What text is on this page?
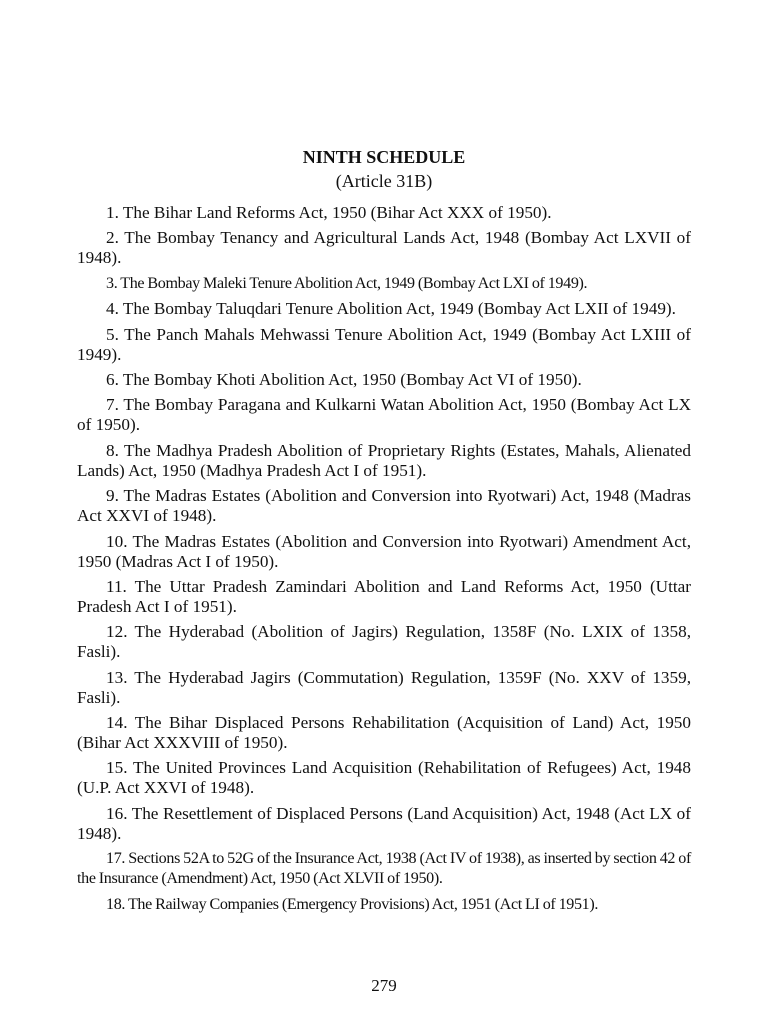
NINTH SCHEDULE

(Article 31B)

1. The Bihar Land Reforms Act, 1950 (Bihar Act XXX of 1950).

2. The Bombay Tenancy and Agricultural Lands Act, 1948 (Bombay Act LXVII of 1948).

3. The Bombay Maleki Tenure Abolition Act, 1949 (Bombay Act LXI of 1949).

4. The Bombay Taluqdari Tenure Abolition Act, 1949 (Bombay Act LXII of 1949).

5. The Panch Mahals Mehwassi Tenure Abolition Act, 1949 (Bombay Act LXIII of 1949).

6. The Bombay Khoti Abolition Act, 1950 (Bombay Act VI of 1950).

7. The Bombay Paragana and Kulkarni Watan Abolition Act, 1950 (Bombay Act LX of 1950).

8. The Madhya Pradesh Abolition of Proprietary Rights (Estates, Mahals, Alienated Lands) Act, 1950 (Madhya Pradesh Act I of 1951).

9. The Madras Estates (Abolition and Conversion into Ryotwari) Act, 1948 (Madras Act XXVI of 1948).

10. The Madras Estates (Abolition and Conversion into Ryotwari) Amendment Act, 1950 (Madras Act I of 1950).

11. The Uttar Pradesh Zamindari Abolition and Land Reforms Act, 1950 (Uttar Pradesh Act I of 1951).

12. The Hyderabad (Abolition of Jagirs) Regulation, 1358F (No. LXIX of 1358, Fasli).

13. The Hyderabad Jagirs (Commutation) Regulation, 1359F (No. XXV of 1359, Fasli).

14. The Bihar Displaced Persons Rehabilitation (Acquisition of Land) Act, 1950 (Bihar Act XXXVIII of 1950).

15. The United Provinces Land Acquisition (Rehabilitation of Refugees) Act, 1948 (U.P. Act XXVI of 1948).

16. The Resettlement of Displaced Persons (Land Acquisition) Act, 1948 (Act LX of 1948).

17. Sections 52A to 52G of the Insurance Act, 1938 (Act IV of 1938), as inserted by section 42 of the Insurance (Amendment) Act, 1950 (Act XLVII of 1950).

18. The Railway Companies (Emergency Provisions) Act, 1951 (Act LI of 1951).

279
